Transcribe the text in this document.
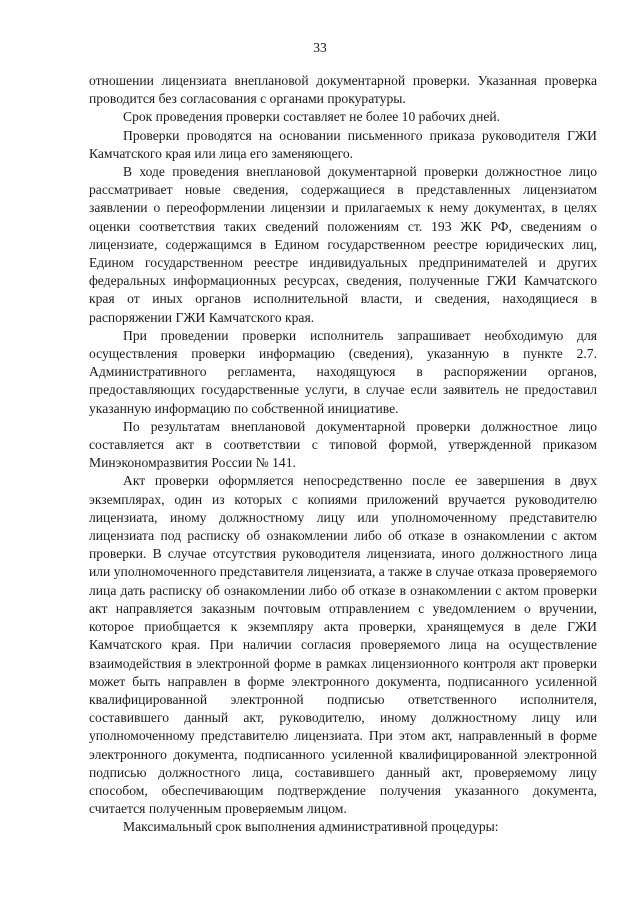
33

отношении лицензиата внеплановой документарной проверки. Указанная проверка проводится без согласования с органами прокуратуры.

Срок проведения проверки составляет не более 10 рабочих дней.

Проверки проводятся на основании письменного приказа руководителя ГЖИ Камчатского края или лица его заменяющего.

В ходе проведения внеплановой документарной проверки должностное лицо рассматривает новые сведения, содержащиеся в представленных лицензиатом заявлении о переоформлении лицензии и прилагаемых к нему документах, в целях оценки соответствия таких сведений положениям ст. 193 ЖК РФ, сведениям о лицензиате, содержащимся в Едином государственном реестре юридических лиц, Едином государственном реестре индивидуальных предпринимателей и других федеральных информационных ресурсах, сведения, полученные ГЖИ Камчатского края от иных органов исполнительной власти, и сведения, находящиеся в распоряжении ГЖИ Камчатского края.

При проведении проверки исполнитель запрашивает необходимую для осуществления проверки информацию (сведения), указанную в пункте 2.7. Административного регламента, находящуюся в распоряжении органов, предоставляющих государственные услуги, в случае если заявитель не предоставил указанную информацию по собственной инициативе.

По результатам внеплановой документарной проверки должностное лицо составляется акт в соответствии с типовой формой, утвержденной приказом Минэкономразвития России № 141.

Акт проверки оформляется непосредственно после ее завершения в двух экземплярах, один из которых с копиями приложений вручается руководителю лицензиата, иному должностному лицу или уполномоченному представителю лицензиата под расписку об ознакомлении либо об отказе в ознакомлении с актом проверки. В случае отсутствия руководителя лицензиата, иного должностного лица или уполномоченного представителя лицензиата, а также в случае отказа проверяемого лица дать расписку об ознакомлении либо об отказе в ознакомлении с актом проверки акт направляется заказным почтовым отправлением с уведомлением о вручении, которое приобщается к экземпляру акта проверки, хранящемуся в деле ГЖИ Камчатского края. При наличии согласия проверяемого лица на осуществление взаимодействия в электронной форме в рамках лицензионного контроля акт проверки может быть направлен в форме электронного документа, подписанного усиленной квалифицированной электронной подписью ответственного исполнителя, составившего данный акт, руководителю, иному должностному лицу или уполномоченному представителю лицензиата. При этом акт, направленный в форме электронного документа, подписанного усиленной квалифицированной электронной подписью должностного лица, составившего данный акт, проверяемому лицу способом, обеспечивающим подтверждение получения указанного документа, считается полученным проверяемым лицом.

Максимальный срок выполнения административной процедуры:
